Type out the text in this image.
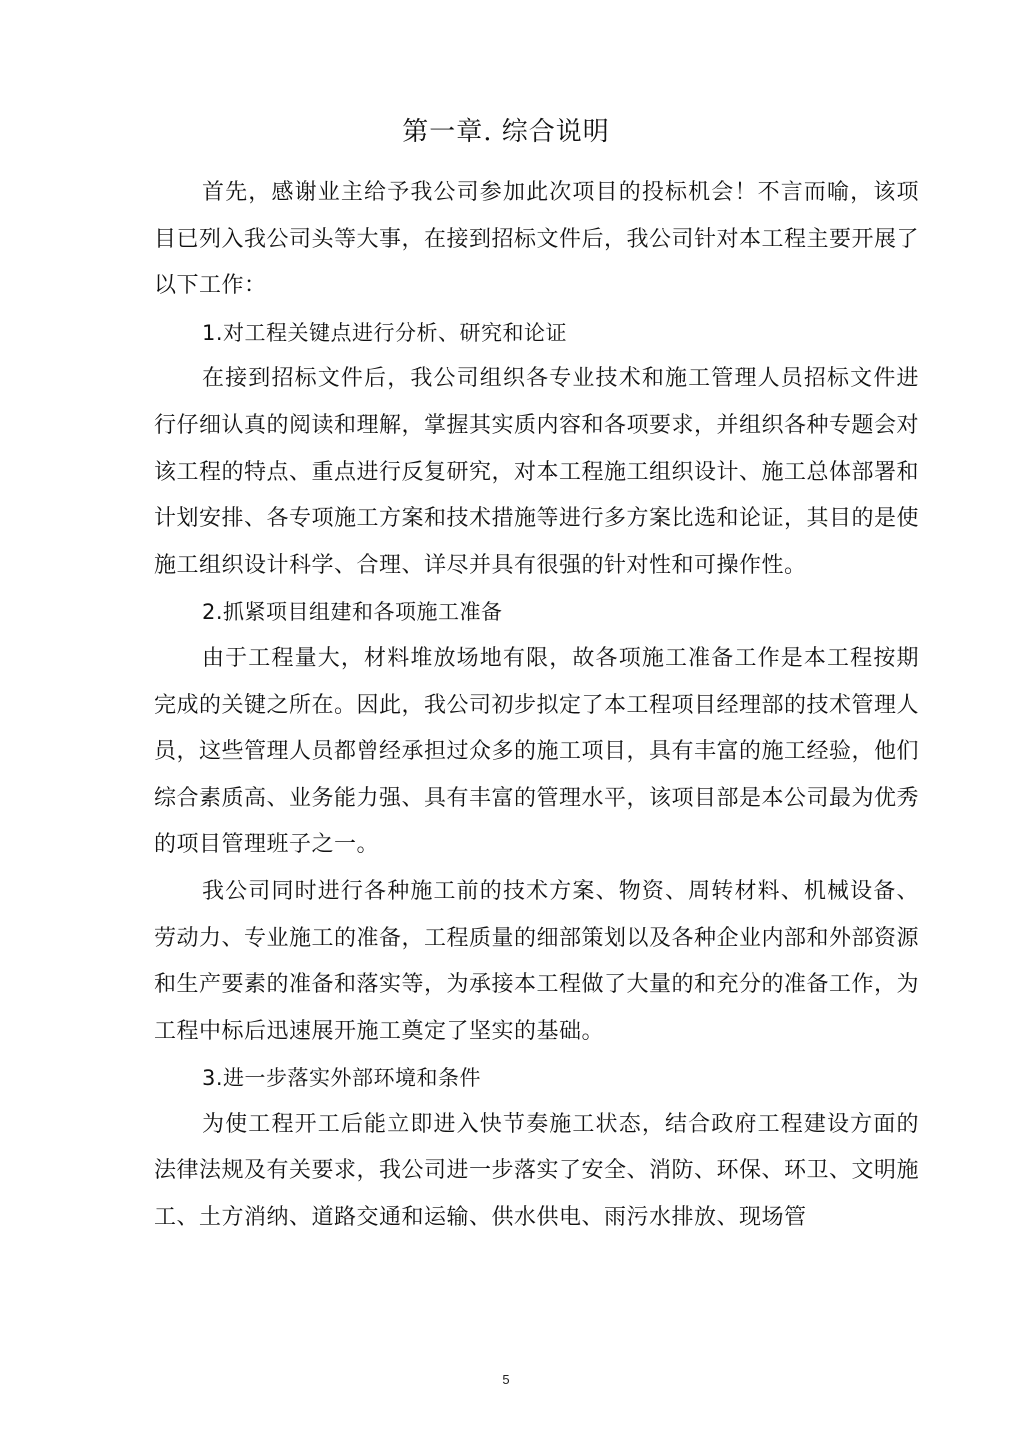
第一章. 综合说明

首先，感谢业主给予我公司参加此次项目的投标机会！不言而喻，该项目已列入我公司头等大事，在接到招标文件后，我公司针对本工程主要开展了以下工作：

1.对工程关键点进行分析、研究和论证

在接到招标文件后，我公司组织各专业技术和施工管理人员招标文件进行仔细认真的阅读和理解，掌握其实质内容和各项要求，并组织各种专题会对该工程的特点、重点进行反复研究，对本工程施工组织设计、施工总体部署和计划安排、各专项施工方案和技术措施等进行多方案比选和论证，其目的是使施工组织设计科学、合理、详尽并具有很强的针对性和可操作性。

2.抓紧项目组建和各项施工准备

由于工程量大，材料堆放场地有限，故各项施工准备工作是本工程按期完成的关键之所在。因此，我公司初步拟定了本工程项目经理部的技术管理人员，这些管理人员都曾经承担过众多的施工项目，具有丰富的施工经验，他们综合素质高、业务能力强、具有丰富的管理水平，该项目部是本公司最为优秀的项目管理班子之一。

我公司同时进行各种施工前的技术方案、物资、周转材料、机械设备、劳动力、专业施工的准备，工程质量的细部策划以及各种企业内部和外部资源和生产要素的准备和落实等，为承接本工程做了大量的和充分的准备工作，为工程中标后迅速展开施工奠定了坚实的基础。

3.进一步落实外部环境和条件

为使工程开工后能立即进入快节奏施工状态，结合政府工程建设方面的法律法规及有关要求，我公司进一步落实了安全、消防、环保、环卫、文明施工、土方消纳、道路交通和运输、供水供电、雨污水排放、现场管

5
